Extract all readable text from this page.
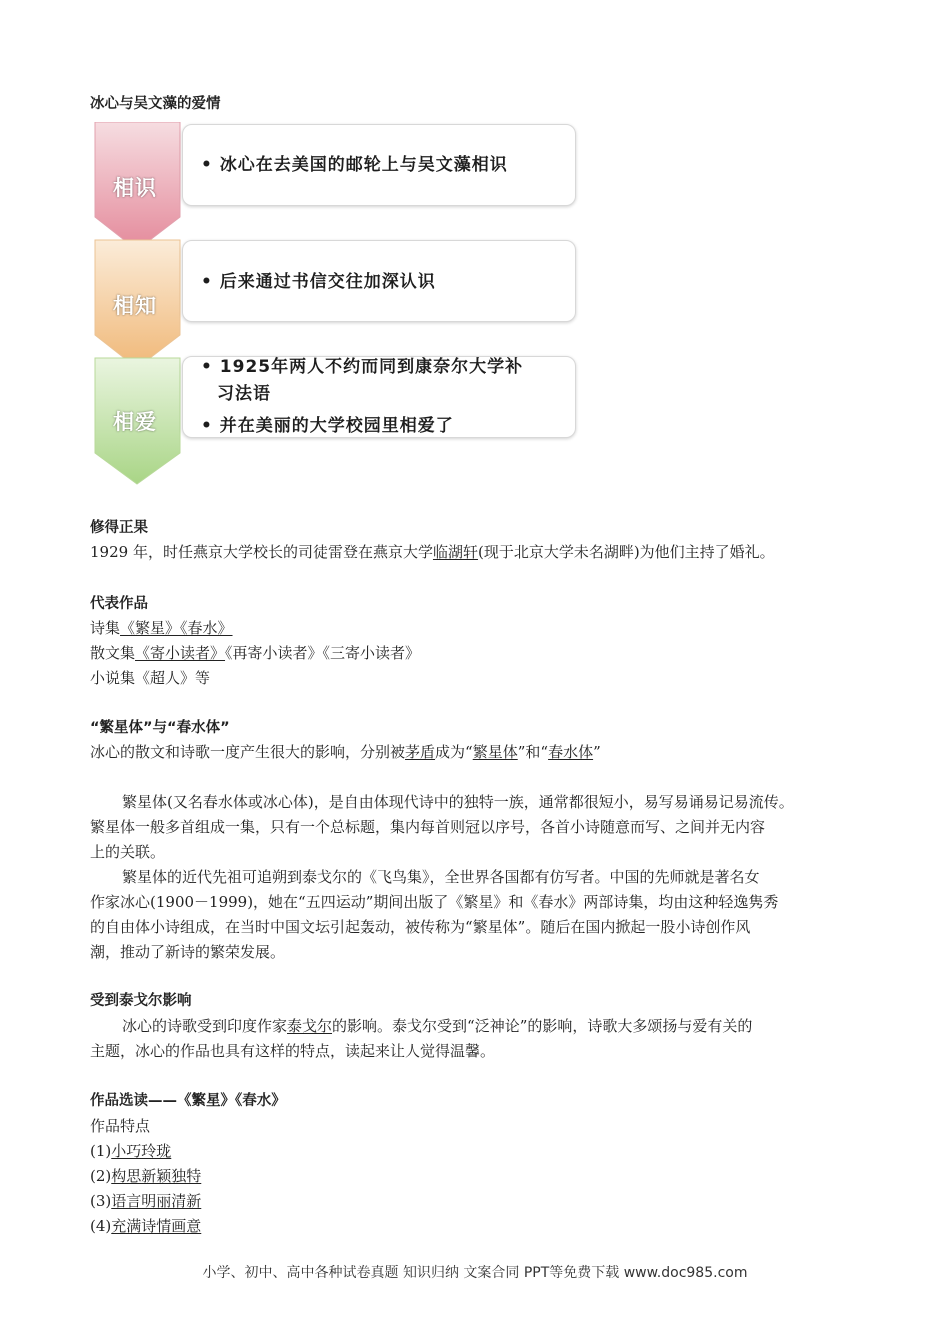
冰心与吴文藻的爱情
相识
相知
相爱
• 冰心在去美国的邮轮上与吴文藻相识
• 后来通过书信交往加深认识
• 1925年两人不约而同到康奈尔大学补
习法语
• 并在美丽的大学校园里相爱了
修得正果
1929 年，时任燕京大学校长的司徒雷登在燕京大学临湖轩(现于北京大学未名湖畔)为他们主持了婚礼。
代表作品
诗集《繁星》《春水》
散文集《寄小读者》《再寄小读者》《三寄小读者》
小说集《超人》等
“繁星体”与“春水体”
冰心的散文和诗歌一度产生很大的影响，分别被茅盾成为“繁星体”和“春水体”
繁星体(又名春水体或冰心体)，是自由体现代诗中的独特一族，通常都很短小，易写易诵易记易流传。
繁星体一般多首组成一集，只有一个总标题，集内每首则冠以序号，各首小诗随意而写、之间并无内容
上的关联。
繁星体的近代先祖可追朔到泰戈尔的《飞鸟集》，全世界各国都有仿写者。中国的先师就是著名女
作家冰心(1900－1999)，她在“五四运动”期间出版了《繁星》和《春水》两部诗集，均由这种轻逸隽秀
的自由体小诗组成，在当时中国文坛引起轰动，被传称为“繁星体”。随后在国内掀起一股小诗创作风
潮，推动了新诗的繁荣发展。
受到泰戈尔影响
冰心的诗歌受到印度作家泰戈尔的影响。泰戈尔受到“泛神论”的影响，诗歌大多颂扬与爱有关的
主题，冰心的作品也具有这样的特点，读起来让人觉得温馨。
作品选读——《繁星》《春水》
作品特点
(1)小巧玲珑
(2)构思新颖独特
(3)语言明丽清新
(4)充满诗情画意
小学、初中、高中各种试卷真题 知识归纳 文案合同 PPT等免费下载 www.doc985.com
